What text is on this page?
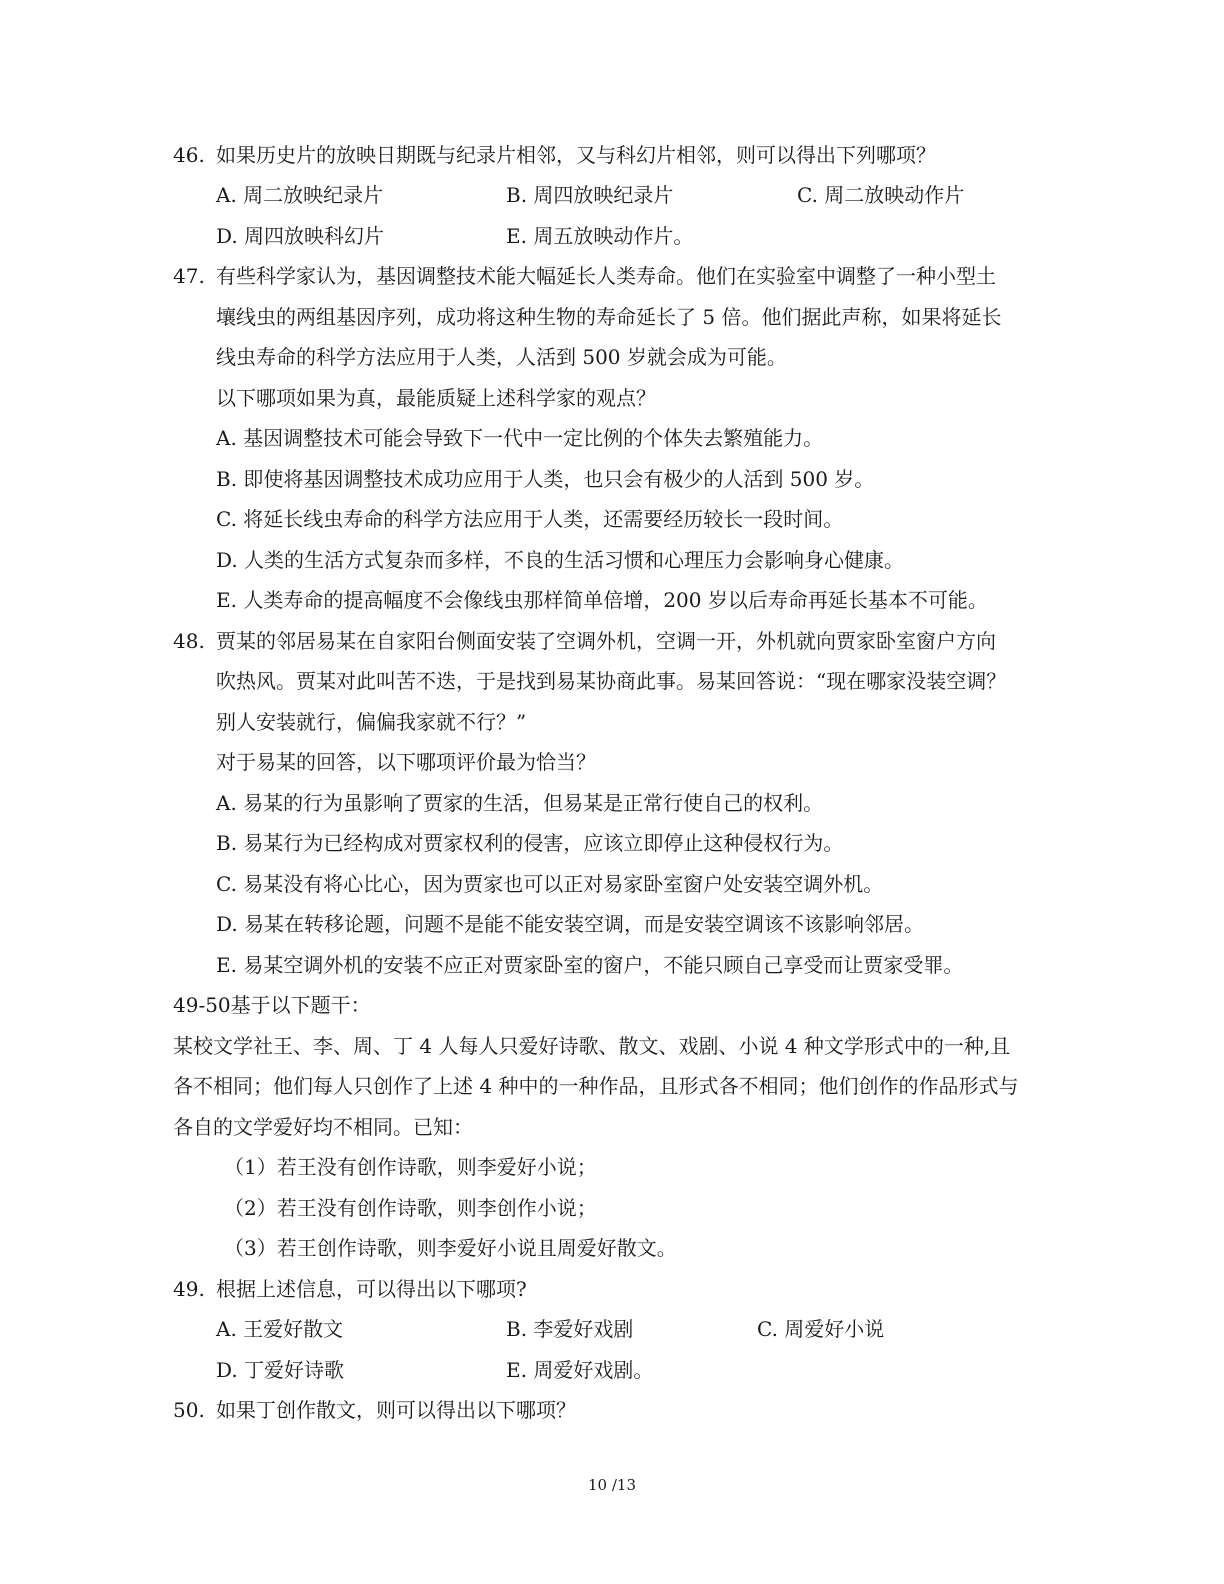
46. 如果历史片的放映日期既与纪录片相邻，又与科幻片相邻，则可以得出下列哪项？
A. 周二放映纪录片	B. 周四放映纪录片	C. 周二放映动作片
D. 周四放映科幻片	E. 周五放映动作片。
47. 有些科学家认为，基因调整技术能大幅延长人类寿命。他们在实验室中调整了一种小型土
壤线虫的两组基因序列，成功将这种生物的寿命延长了 5 倍。他们据此声称，如果将延长
线虫寿命的科学方法应用于人类，人活到 500 岁就会成为可能。
以下哪项如果为真，最能质疑上述科学家的观点？
A. 基因调整技术可能会导致下一代中一定比例的个体失去繁殖能力。
B. 即使将基因调整技术成功应用于人类，也只会有极少的人活到 500 岁。
C. 将延长线虫寿命的科学方法应用于人类，还需要经历较长一段时间。
D. 人类的生活方式复杂而多样，不良的生活习惯和心理压力会影响身心健康。
E. 人类寿命的提高幅度不会像线虫那样简单倍增，200 岁以后寿命再延长基本不可能。
48. 贾某的邻居易某在自家阳台侧面安装了空调外机，空调一开，外机就向贾家卧室窗户方向
吹热风。贾某对此叫苦不迭，于是找到易某协商此事。易某回答说：“现在哪家没装空调？
别人安装就行，偏偏我家就不行？”
对于易某的回答，以下哪项评价最为恰当？
A. 易某的行为虽影响了贾家的生活，但易某是正常行使自己的权利。
B. 易某行为已经构成对贾家权利的侵害，应该立即停止这种侵权行为。
C. 易某没有将心比心，因为贾家也可以正对易家卧室窗户处安装空调外机。
D. 易某在转移论题，问题不是能不能安装空调，而是安装空调该不该影响邻居。
E. 易某空调外机的安装不应正对贾家卧室的窗户，不能只顾自己享受而让贾家受罪。
49-50基于以下题干：
某校文学社王、李、周、丁 4 人每人只爱好诗歌、散文、戏剧、小说 4 种文学形式中的一种,且
各不相同；他们每人只创作了上述 4 种中的一种作品，且形式各不相同；他们创作的作品形式与
各自的文学爱好均不相同。已知：
（1）若王没有创作诗歌，则李爱好小说；
（2）若王没有创作诗歌，则李创作小说；
（3）若王创作诗歌，则李爱好小说且周爱好散文。
49. 根据上述信息，可以得出以下哪项?
A. 王爱好散文	B. 李爱好戏剧	C. 周爱好小说
D. 丁爱好诗歌	E. 周爱好戏剧。
50. 如果丁创作散文，则可以得出以下哪项？
10 /13
